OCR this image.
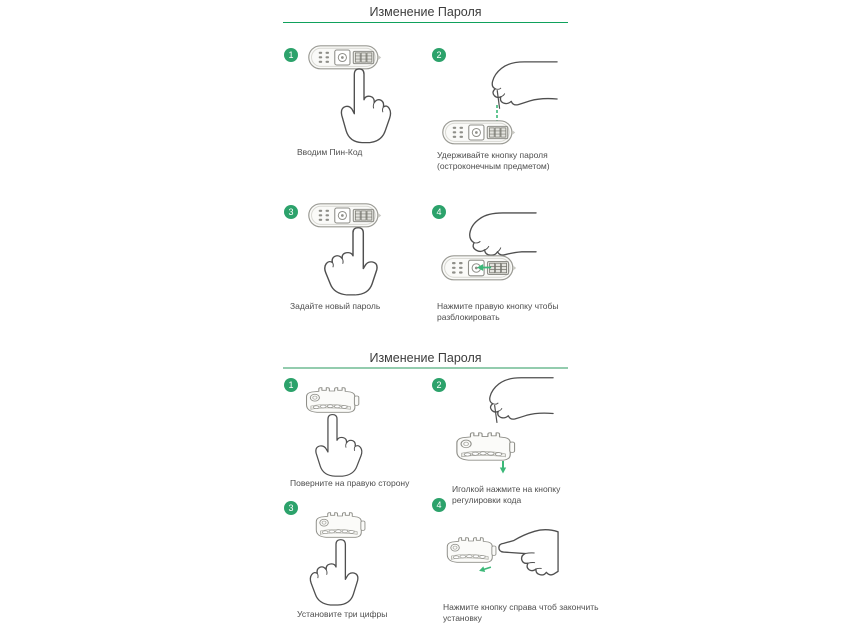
Изменение Пароля
1
Вводим Пин-Код
2
Удерживайте кнопку пароля
(остроконечным предметом)
3
Задайте новый пароль
4
Нажмите правую кнопку чтобы
разблокировать
Изменение Пароля
1
Поверните на правую сторону
2
Иголкой нажмите на кнопку
регулировки кода
3
Установите три цифры
4
Нажмите кнопку справа чтоб закончить
установку
